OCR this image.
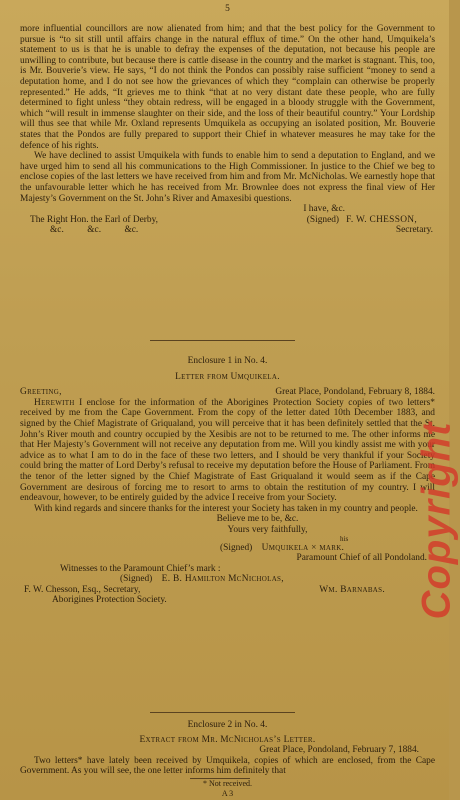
5

more influential councillors are now alienated from him; and that the best policy for the Government to pursue is “to sit still until affairs change in the natural efflux of time.” On the other hand, Umquikela’s statement to us is that he is unable to defray the expenses of the deputation, not because his people are unwilling to contribute, but because there is cattle disease in the country and the market is stagnant. This, too, is Mr. Bouverie’s view. He says, “I do not think the Pondos can possibly raise sufficient “money to send a deputation home, and I do not see how the grievances of which they “complain can otherwise be properly represented.” He adds, “It grieves me to think “that at no very distant date these people, who are fully determined to fight unless “they obtain redress, will be engaged in a bloody struggle with the Government, which “will result in immense slaughter on their side, and the loss of their beautiful country.” Your Lordship will thus see that while Mr. Oxland represents Umquikela as occupying an isolated position, Mr. Bouverie states that the Pondos are fully prepared to support their Chief in whatever measures he may take for the defence of his rights.

We have declined to assist Umquikela with funds to enable him to send a deputation to England, and we have urged him to send all his communications to the High Commissioner. In justice to the Chief we beg to enclose copies of the last letters we have received from him and from Mr. McNicholas. We earnestly hope that the unfavourable letter which he has received from Mr. Brownlee does not express the final view of Her Majesty’s Government on the St. John’s River and Amaxesibi questions.

I have, &c.

The Right Hon. the Earl of Derby,	(Signed) F. W. CHESSON,
&c.          &c.          &c.	Secretary.

Enclosure 1 in No. 4.

Letter from Umquikela.

Greeting,	Great Place, Pondoland, February 8, 1884.

Herewith I enclose for the information of the Aborigines Protection Society copies of two letters* received by me from the Cape Government. From the copy of the letter dated 10th December 1883, and signed by the Chief Magistrate of Griqualand, you will perceive that it has been definitely settled that the St. John’s River mouth and country occupied by the Xesibis are not to be returned to me. The other informs me that Her Majesty’s Government will not receive any deputation from me. Will you kindly assist me with your advice as to what I am to do in the face of these two letters, and I should be very thankful if your Society could bring the matter of Lord Derby’s refusal to receive my deputation before the House of Parliament. From the tenor of the letter signed by the Chief Magistrate of East Griqualand it would seem as if the Cape Government are desirous of forcing me to resort to arms to obtain the restitution of my country. I will endeavour, however, to be entirely guided by the advice I receive from your Society.

With kind regards and sincere thanks for the interest your Society has taken in my country and people.

Believe me to be, &c.

Yours very faithfully,

his

(Signed) Umquikela × mark.

Paramount Chief of all Pondoland.

Witnesses to the Paramount Chief’s mark :

(Signed) E. B. Hamilton McNicholas,

F. W. Chesson, Esq., Secretary,	Wm. Barnabas.

Aborigines Protection Society.

Enclosure 2 in No. 4.

Extract from Mr. McNicholas’s Letter.

Great Place, Pondoland, February 7, 1884.

Two letters* have lately been received by Umquikela, copies of which are enclosed, from the Cape Government. As you will see, the one letter informs him definitely that

* Not received.
A 3
Copyright
